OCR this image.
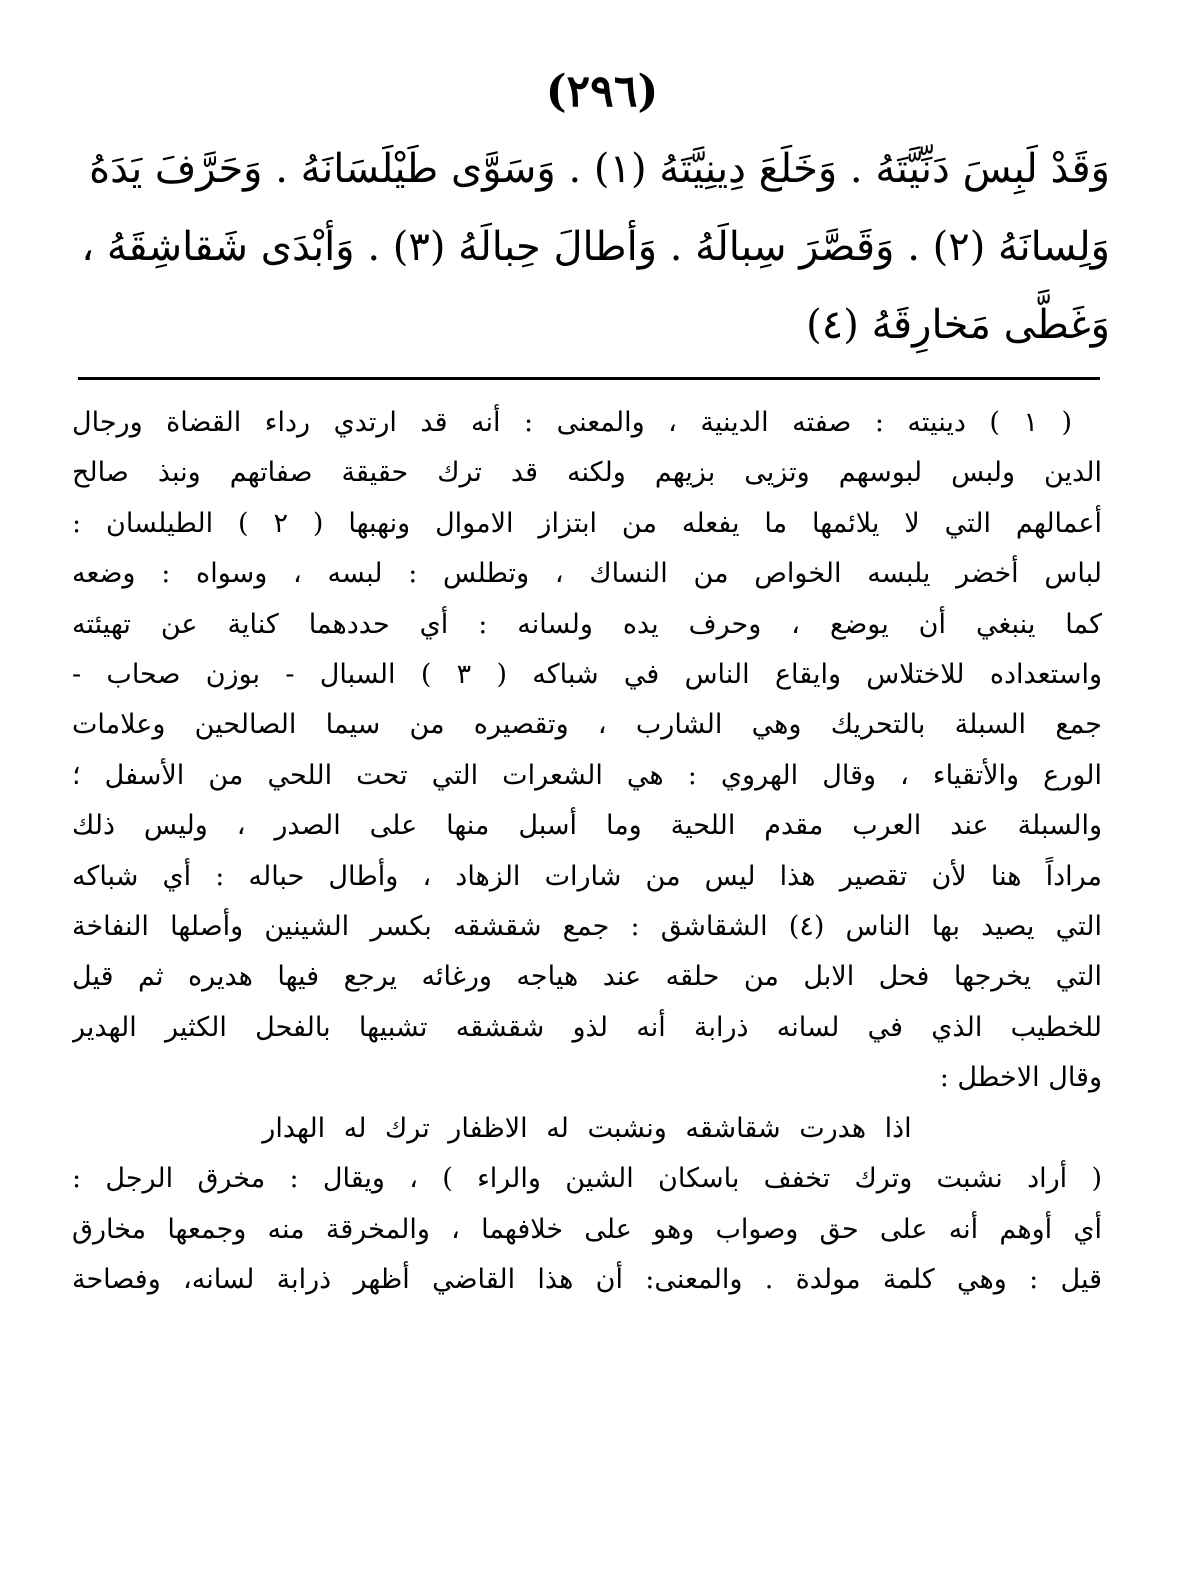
(٢٩٦)
وَقَدْ لَبِسَ دَنِّيَّتَهُ . وَخَلَعَ دِينِيَّتَهُ (١) . وَسَوَّى طَيْلَسَانَهُ . وَحَرَّفَ يَدَهُ
وَلِسانَهُ (٢) . وَقَصَّرَ سِبالَهُ . وَأطالَ حِبالَهُ (٣) . وَأبْدَى شَقاشِقَهُ ،
وَغَطَّى مَخارِقَهُ (٤)
( ١ ) دينيته : صفته الدينية ، والمعنى : أنه قد ارتدي رداء القضاة ورجال
الدين ولبس لبوسهم وتزيى بزيهم ولكنه قد ترك حقيقة صفاتهم ونبذ صالح
أعمالهم التي لا يلائمها ما يفعله من ابتزاز الاموال ونهبها ( ٢ ) الطيلسان :
لباس أخضر يلبسه الخواص من النساك ، وتطلس : لبسه ، وسواه : وضعه
كما ينبغي أن يوضع ، وحرف يده ولسانه : أي حددهما كناية عن تهيئته
واستعداده للاختلاس وايقاع الناس في شباكه ( ٣ ) السبال - بوزن صحاب -
جمع السبلة بالتحريك وهي الشارب ، وتقصيره من سيما الصالحين وعلامات
الورع والأتقياء ، وقال الهروي : هي الشعرات التي تحت اللحي من الأسفل ؛
والسبلة عند العرب مقدم اللحية وما أسبل منها على الصدر ، وليس ذلك
مراداً هنا لأن تقصير هذا ليس من شارات الزهاد ، وأطال حباله : أي شباكه
التي يصيد بها الناس (٤) الشقاشق : جمع شقشقه بكسر الشينين وأصلها النفاخة
التي يخرجها فحل الابل من حلقه عند هياجه ورغائه يرجع فيها هديره ثم قيل
للخطيب الذي في لسانه ذرابة أنه لذو شقشقه تشبيها بالفحل الكثير الهدير
وقال الاخطل :
اذا هدرت شقاشقه ونشبت له الاظفار ترك له الهدار
( أراد نشبت وترك تخفف باسكان الشين والراء ) ، ويقال : مخرق الرجل :
أي أوهم أنه على حق وصواب وهو على خلافهما ، والمخرقة منه وجمعها مخارق
قيل : وهي كلمة مولدة . والمعنى: أن هذا القاضي أظهر ذرابة لسانه، وفصاحة
